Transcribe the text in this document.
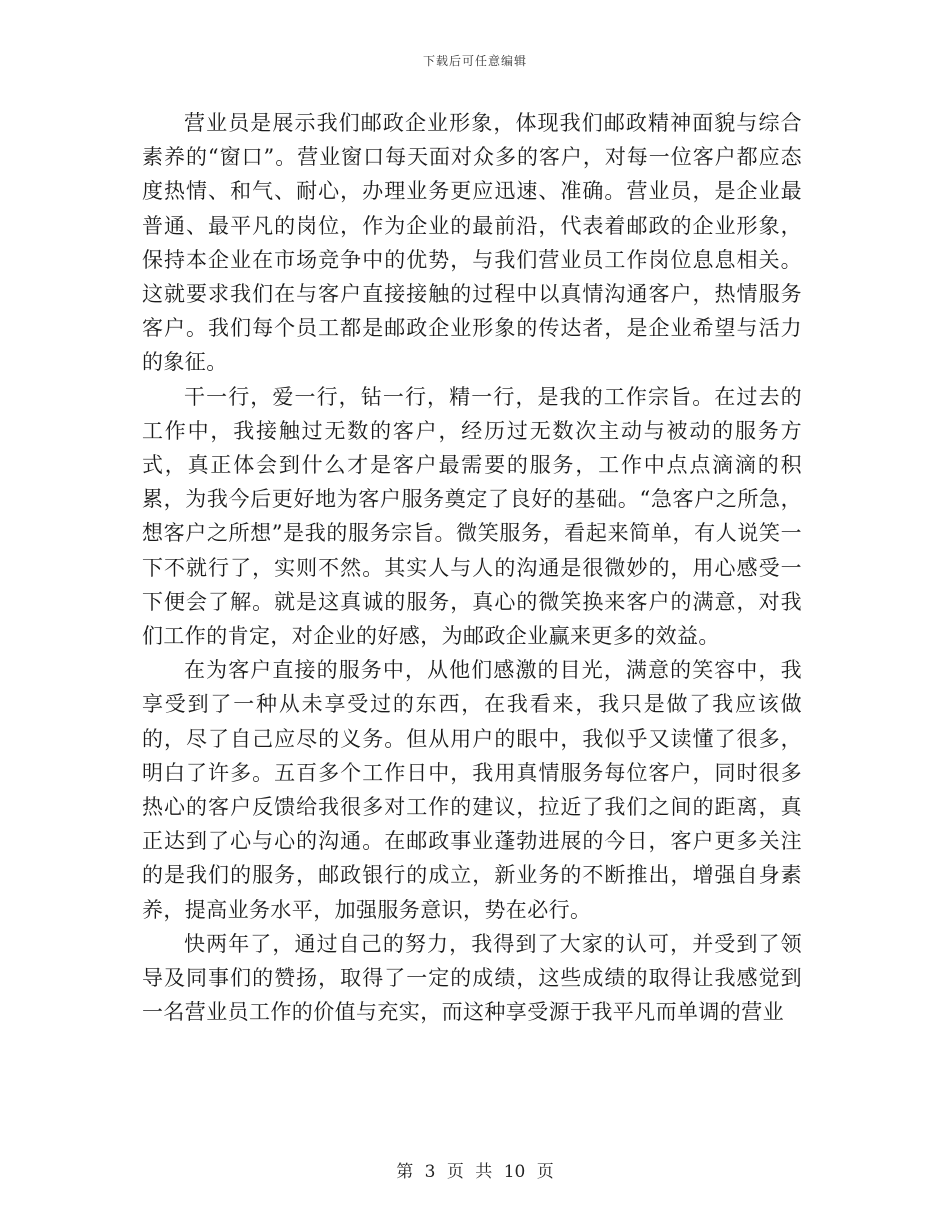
下载后可任意编辑

营业员是展示我们邮政企业形象，体现我们邮政精神面貌与综合素养的“窗口”。营业窗口每天面对众多的客户，对每一位客户都应态度热情、和气、耐心，办理业务更应迅速、准确。营业员，是企业最普通、最平凡的岗位，作为企业的最前沿，代表着邮政的企业形象，保持本企业在市场竞争中的优势，与我们营业员工作岗位息息相关。这就要求我们在与客户直接接触的过程中以真情沟通客户，热情服务客户。我们每个员工都是邮政企业形象的传达者，是企业希望与活力的象征。

干一行，爱一行，钻一行，精一行，是我的工作宗旨。在过去的工作中，我接触过无数的客户，经历过无数次主动与被动的服务方式，真正体会到什么才是客户最需要的服务，工作中点点滴滴的积累，为我今后更好地为客户服务奠定了良好的基础。“急客户之所急，想客户之所想”是我的服务宗旨。微笑服务，看起来简单，有人说笑一下不就行了，实则不然。其实人与人的沟通是很微妙的，用心感受一下便会了解。就是这真诚的服务，真心的微笑换来客户的满意，对我们工作的肯定，对企业的好感，为邮政企业赢来更多的效益。

在为客户直接的服务中，从他们感激的目光，满意的笑容中，我享受到了一种从未享受过的东西，在我看来，我只是做了我应该做的，尽了自己应尽的义务。但从用户的眼中，我似乎又读懂了很多，明白了许多。五百多个工作日中，我用真情服务每位客户，同时很多热心的客户反馈给我很多对工作的建议，拉近了我们之间的距离，真正达到了心与心的沟通。在邮政事业蓬勃进展的今日，客户更多关注的是我们的服务，邮政银行的成立，新业务的不断推出，增强自身素养，提高业务水平，加强服务意识，势在必行。

快两年了，通过自己的努力，我得到了大家的认可，并受到了领导及同事们的赞扬，取得了一定的成绩，这些成绩的取得让我感觉到一名营业员工作的价值与充实，而这种享受源于我平凡而单调的营业

第 3 页 共 10 页
